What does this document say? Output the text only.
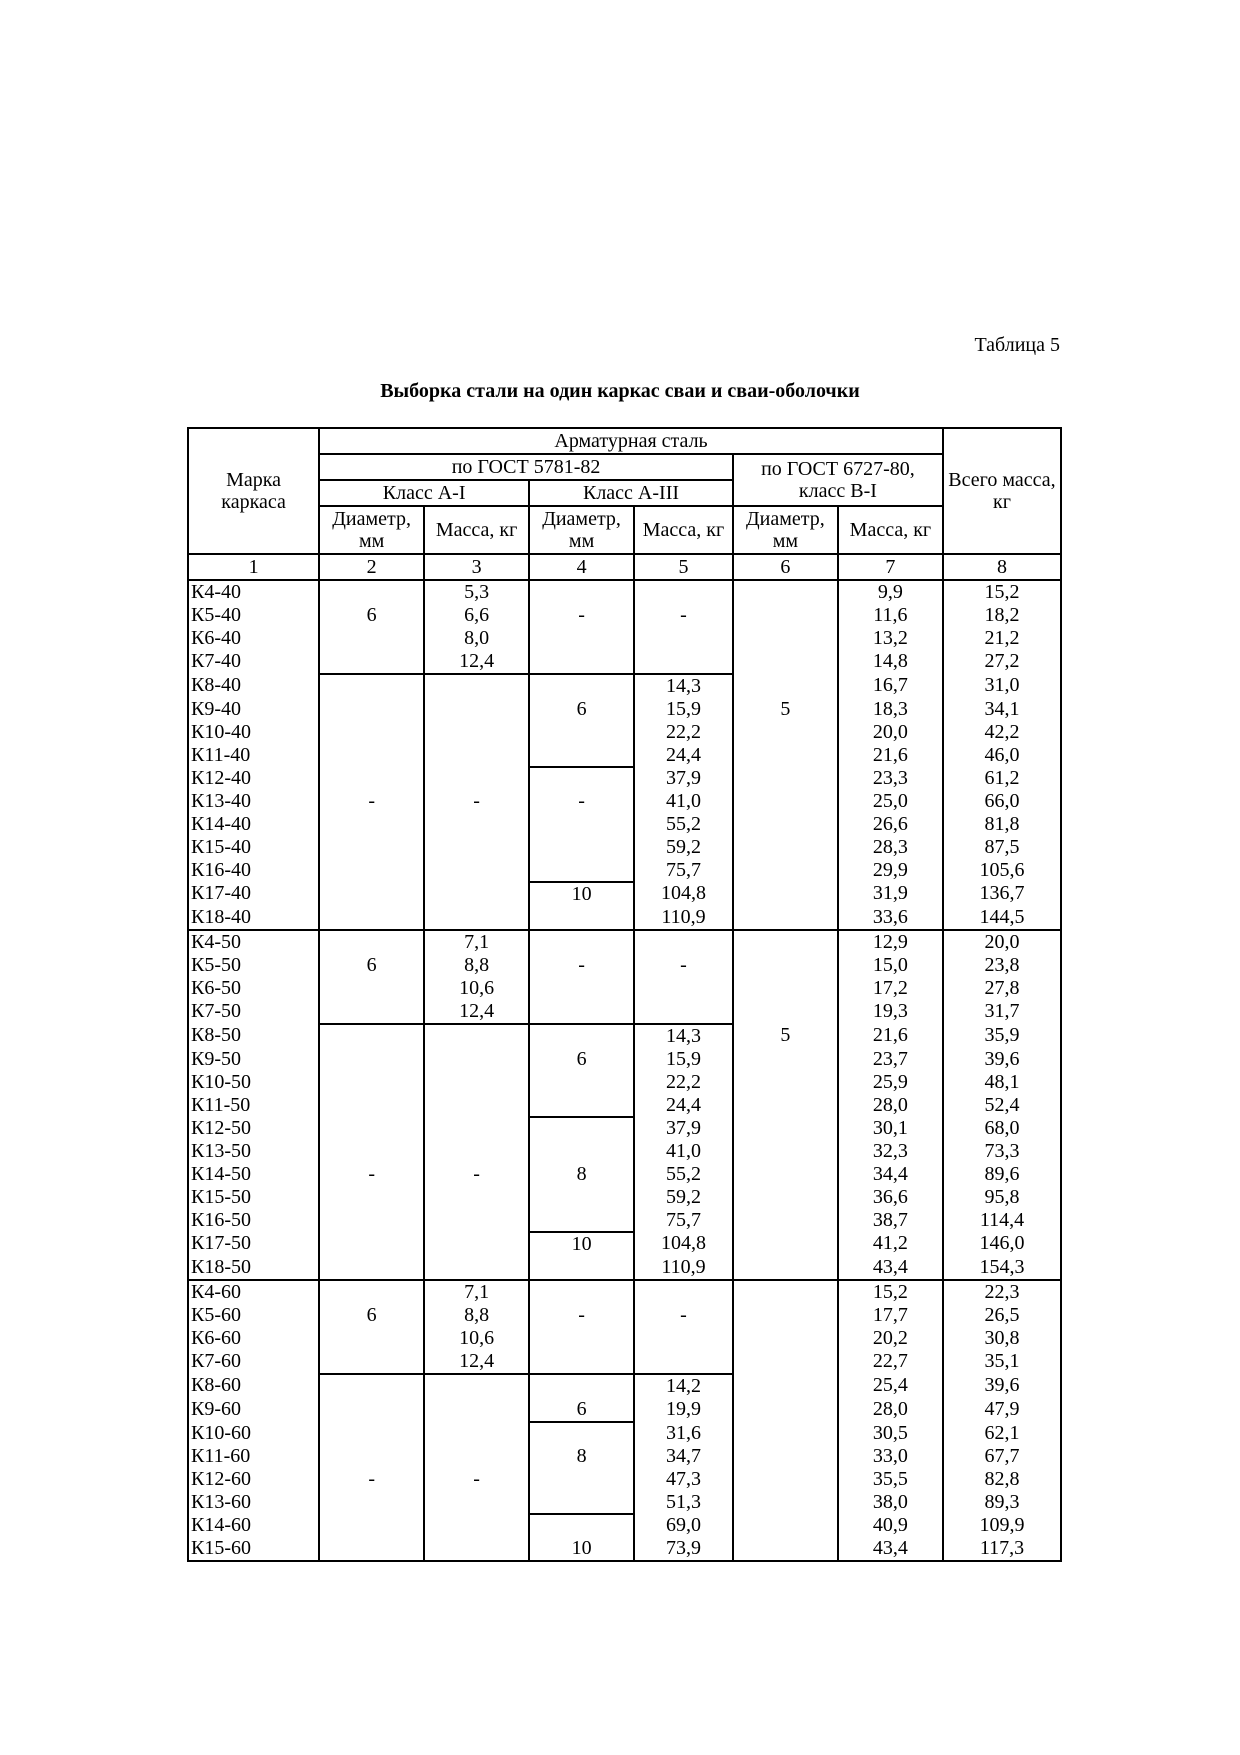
Таблица 5
Выборка стали на один каркас сваи и сваи-оболочки
Марка каркаса	Арматурная сталь						Всего масса, кг
	по ГОСТ 5781-82				по ГОСТ 6727-80, класс В-I		
	Класс А-I		Класс А-III				
	Диаметр, мм	Масса, кг	Диаметр, мм	Масса, кг	Диаметр, мм	Масса, кг	
1	2	3	4	5	6	7	8
К4-40		5,3				9,9	15,2
К5-40	6	6,6	-	-		11,6	18,2
К6-40		8,0				13,2	21,2
К7-40		12,4				14,8	27,2
К8-40				14,3		16,7	31,0
К9-40			6	15,9	5	18,3	34,1
К10-40				22,2		20,0	42,2
К11-40				24,4		21,6	46,0
К12-40				37,9		23,3	61,2
К13-40	-	-	-	41,0		25,0	66,0
К14-40				55,2		26,6	81,8
К15-40				59,2		28,3	87,5
К16-40				75,7		29,9	105,6
К17-40			10	104,8		31,9	136,7
К18-40				110,9		33,6	144,5
К4-50		7,1				12,9	20,0
К5-50	6	8,8	-	-		15,0	23,8
К6-50		10,6				17,2	27,8
К7-50		12,4				19,3	31,7
К8-50				14,3	5	21,6	35,9
К9-50			6	15,9		23,7	39,6
К10-50				22,2		25,9	48,1
К11-50				24,4		28,0	52,4
К12-50				37,9		30,1	68,0
К13-50				41,0		32,3	73,3
К14-50	-	-	8	55,2		34,4	89,6
К15-50				59,2		36,6	95,8
К16-50				75,7		38,7	114,4
К17-50			10	104,8		41,2	146,0
К18-50				110,9		43,4	154,3
К4-60		7,1				15,2	22,3
К5-60	6	8,8	-	-		17,7	26,5
К6-60		10,6				20,2	30,8
К7-60		12,4				22,7	35,1
К8-60				14,2		25,4	39,6
К9-60			6	19,9		28,0	47,9
К10-60				31,6		30,5	62,1
К11-60			8	34,7		33,0	67,7
К12-60	-	-		47,3		35,5	82,8
К13-60				51,3		38,0	89,3
К14-60				69,0		40,9	109,9
К15-60			10	73,9		43,4	117,3
